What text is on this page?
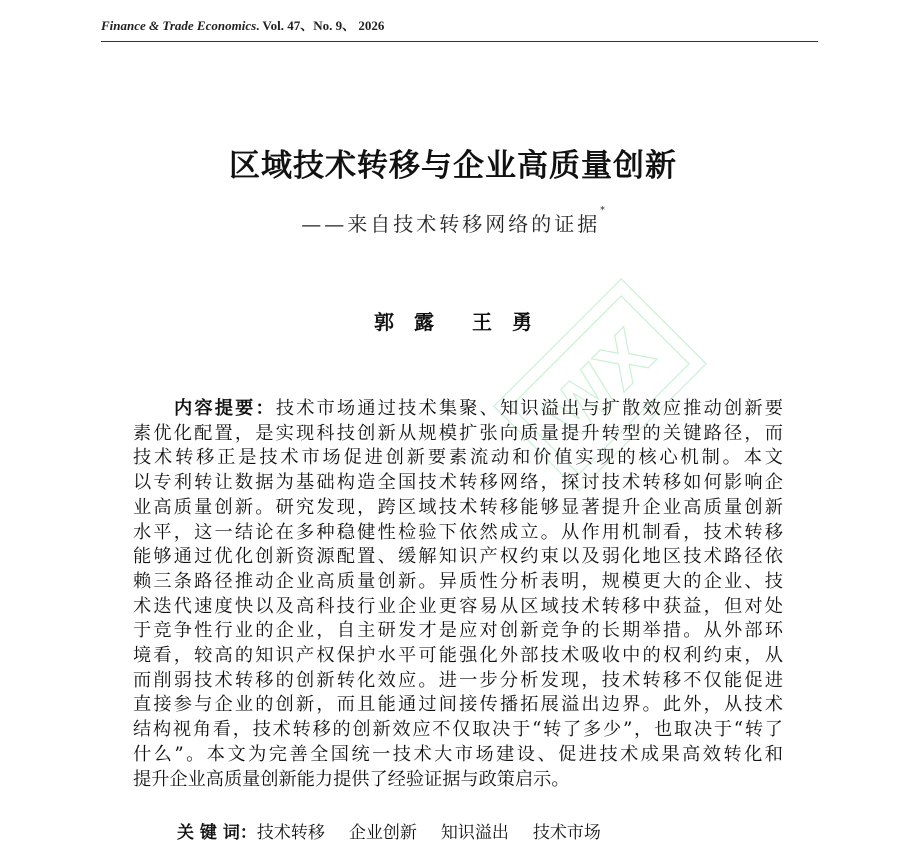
Finance & Trade Economics. Vol. 47、No. 9、 2026
WX
区域技术转移与企业高质量创新
——来自技术转移网络的证据*
郭　露 王　勇
内容提要：技术市场通过技术集聚、知识溢出与扩散效应推动创新要
素优化配置，是实现科技创新从规模扩张向质量提升转型的关键路径，而
技术转移正是技术市场促进创新要素流动和价值实现的核心机制。本文
以专利转让数据为基础构造全国技术转移网络，探讨技术转移如何影响企
业高质量创新。研究发现，跨区域技术转移能够显著提升企业高质量创新
水平，这一结论在多种稳健性检验下依然成立。从作用机制看，技术转移
能够通过优化创新资源配置、缓解知识产权约束以及弱化地区技术路径依
赖三条路径推动企业高质量创新。异质性分析表明，规模更大的企业、技
术迭代速度快以及高科技行业企业更容易从区域技术转移中获益，但对处
于竞争性行业的企业，自主研发才是应对创新竞争的长期举措。从外部环
境看，较高的知识产权保护水平可能强化外部技术吸收中的权利约束，从
而削弱技术转移的创新转化效应。进一步分析发现，技术转移不仅能促进
直接参与企业的创新，而且能通过间接传播拓展溢出边界。此外，从技术
结构视角看，技术转移的创新效应不仅取决于“转了多少”，也取决于“转了
什么”。本文为完善全国统一技术大市场建设、促进技术成果高效转化和
提升企业高质量创新能力提供了经验证据与政策启示。
关 键 词：技术转移 企业创新 知识溢出 技术市场
